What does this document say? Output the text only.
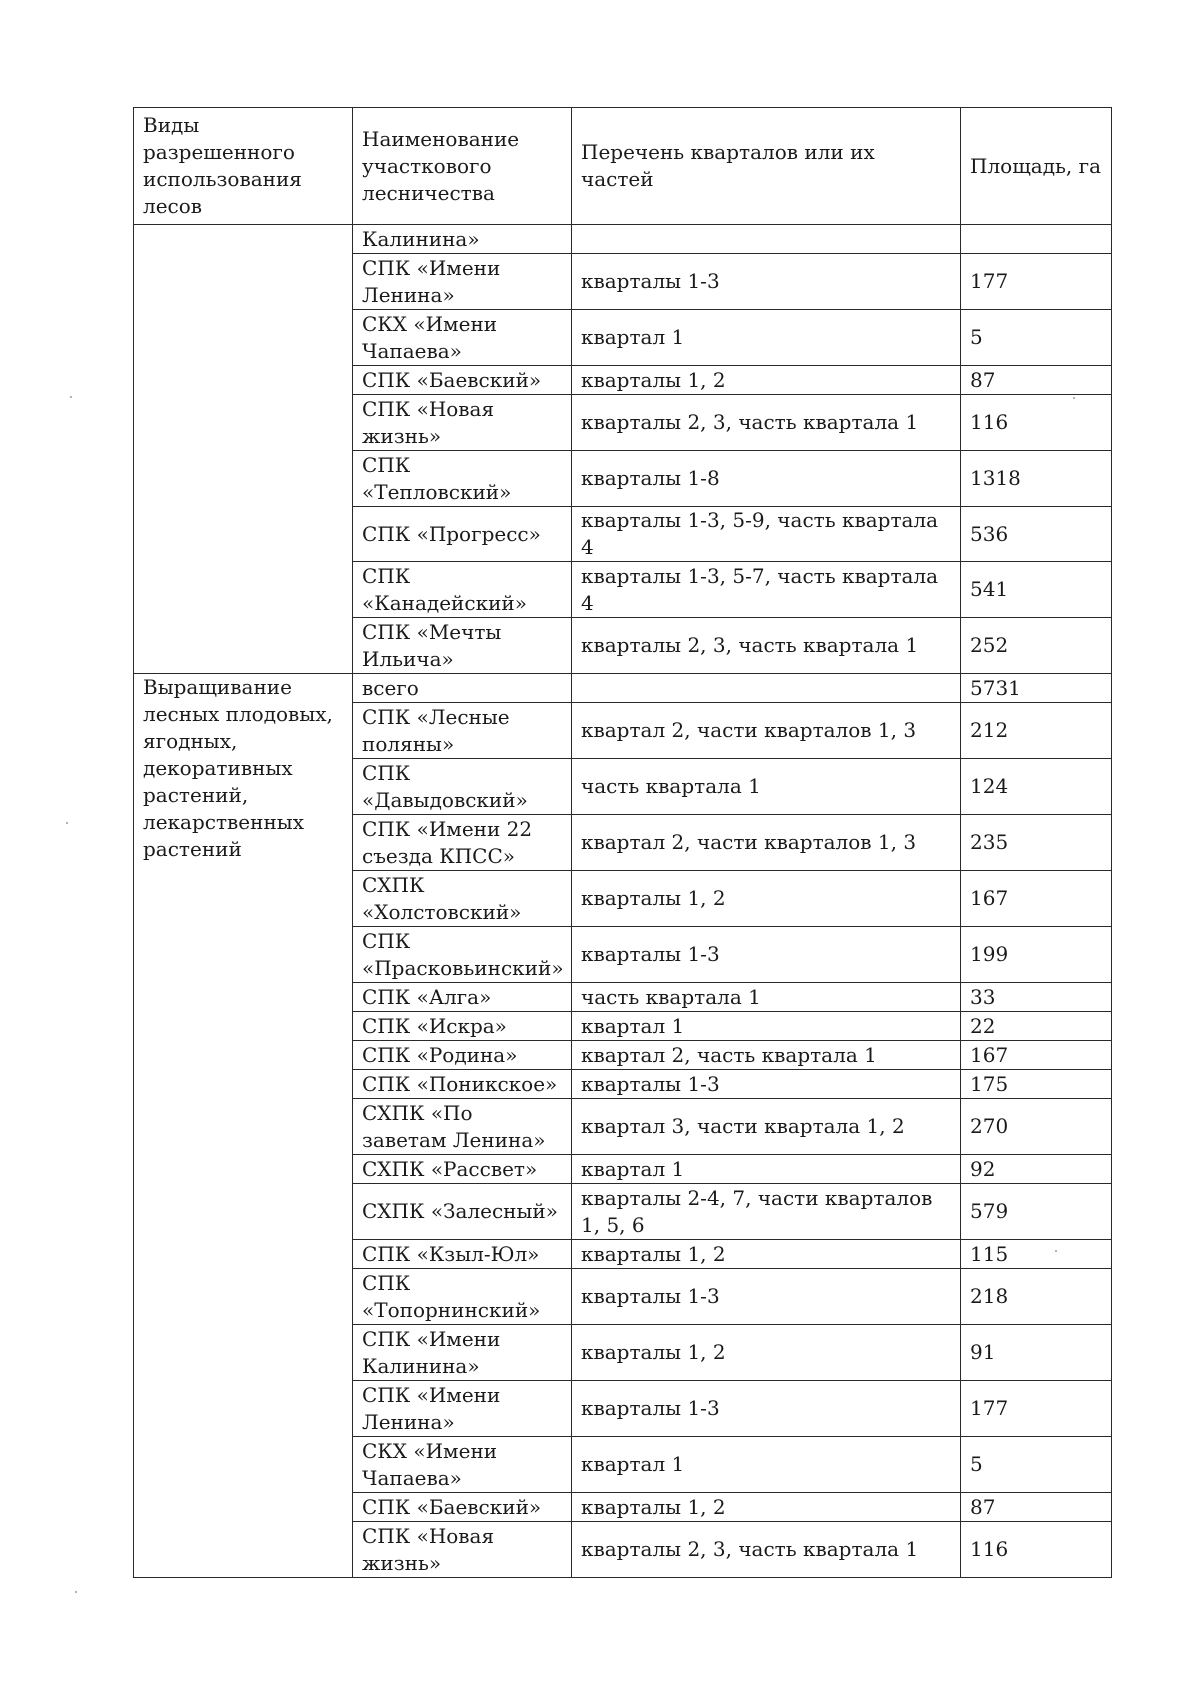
Виды разрешенного использования лесов	Наименование участкового лесничества	Перечень кварталов или их частей	Площадь, га
	Калинина»		
	СПК «Имени Ленина»	кварталы 1-3	177
	СКХ «Имени Чапаева»	квартал 1	5
	СПК «Баевский»	кварталы 1, 2	87
	СПК «Новая жизнь»	кварталы 2, 3, часть квартала 1	116
	СПК «Тепловский»	кварталы 1-8	1318
	СПК «Прогресс»	кварталы 1-3, 5-9, часть квартала 4	536
	СПК «Канадейский»	кварталы 1-3, 5-7, часть квартала 4	541
	СПК «Мечты Ильича»	кварталы 2, 3, часть квартала 1	252
Выращивание лесных плодовых, ягодных, декоративных растений, лекарственных растений	всего		5731
	СПК «Лесные поляны»	квартал 2, части кварталов 1, 3	212
	СПК «Давыдовский»	часть квартала 1	124
	СПК «Имени 22 съезда КПСС»	квартал 2, части кварталов 1, 3	235
	СХПК «Холстовский»	кварталы 1, 2	167
	СПК «Прасковьинский»	кварталы 1-3	199
	СПК «Алга»	часть квартала 1	33
	СПК «Искра»	квартал 1	22
	СПК «Родина»	квартал 2, часть квартала 1	167
	СПК «Поникское»	кварталы 1-3	175
	СХПК «По заветам Ленина»	квартал 3, части квартала 1, 2	270
	СХПК «Рассвет»	квартал 1	92
	СХПК «Залесный»	кварталы 2-4, 7, части кварталов 1, 5, 6	579
	СПК «Кзыл-Юл»	кварталы 1, 2	115
	СПК «Топорнинский»	кварталы 1-3	218
	СПК «Имени Калинина»	кварталы 1, 2	91
	СПК «Имени Ленина»	кварталы 1-3	177
	СКХ «Имени Чапаева»	квартал 1	5
	СПК «Баевский»	кварталы 1, 2	87
	СПК «Новая жизнь»	кварталы 2, 3, часть квартала 1	116
